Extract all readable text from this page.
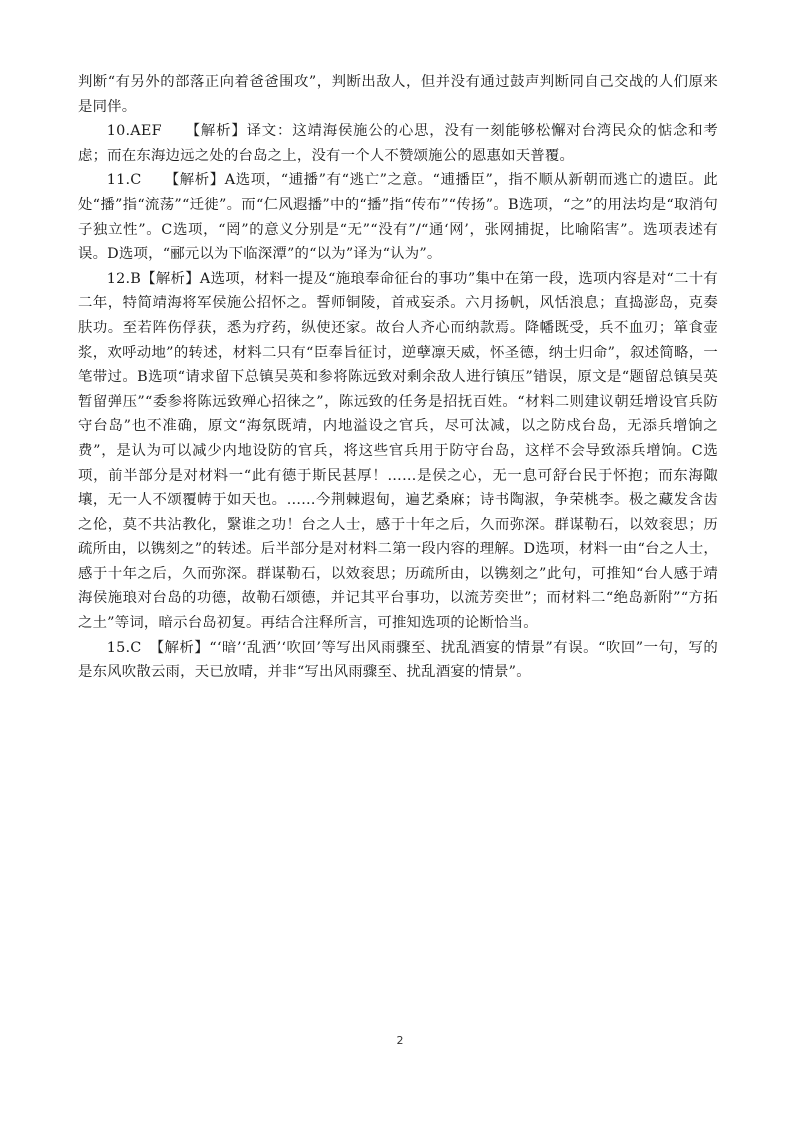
判断“有另外的部落正向着爸爸围攻”，判断出敌人，但并没有通过鼓声判断同自己交战的人们原来是同伴。

10.AEF　　【解析】译文：这靖海侯施公的心思，没有一刻能够松懈对台湾民众的惦念和考虑；而在东海边远之处的台岛之上，没有一个人不赞颂施公的恩惠如天普覆。

11.C　　【解析】A选项，“逋播”有“逃亡”之意。“逋播臣”，指不顺从新朝而逃亡的遗臣。此处“播”指“流荡”“迁徙”。而“仁风遐播”中的“播”指“传布”“传扬”。B选项，“之”的用法均是“取消句子独立性”。C选项，“罔”的意义分别是“无”“没有”/“通‘网’，张网捕捉，比喻陷害”。选项表述有误。D选项，“郦元以为下临深潭”的“以为”译为“认为”。

12.B【解析】A选项，材料一提及“施琅奉命征台的事功”集中在第一段，选项内容是对“二十有二年，特简靖海将军侯施公招怀之。誓师铜陵，首戒妄杀。六月扬帆，风恬浪息；直捣澎岛，克奏肤功。至若阵伤俘获，悉为疗药，纵使还家。故台人齐心而纳款焉。降幡既受，兵不血刃；箪食壶浆，欢呼动地”的转述，材料二只有“臣奉旨征讨，逆孽凛天威，怀圣德，纳士归命”，叙述简略，一笔带过。B选项“请求留下总镇吴英和参将陈远致对剩余敌人进行镇压”错误，原文是“题留总镇吴英暂留弹压”“委参将陈远致殚心招徕之”，陈远致的任务是招抚百姓。“材料二则建议朝廷增设官兵防守台岛”也不准确，原文“海氛既靖，内地溢设之官兵，尽可汰减，以之防戍台岛，无添兵增饷之费”，是认为可以减少内地设防的官兵，将这些官兵用于防守台岛，这样不会导致添兵增饷。C选项，前半部分是对材料一“此有德于斯民甚厚！……是侯之心，无一息可舒台民于怀抱；而东海陬壤，无一人不颂覆帱于如天也。……今荆棘遐甸，遍艺桑麻；诗书陶淑，争荣桃李。极之藏发含齿之伦，莫不共沾教化，繄谁之功！台之人士，感于十年之后，久而弥深。群谋勒石，以效衮思；历疏所由，以镌刻之”的转述。后半部分是对材料二第一段内容的理解。D选项，材料一由“台之人士，感于十年之后，久而弥深。群谋勒石，以效衮思；历疏所由，以镌刻之”此句，可推知“台人感于靖海侯施琅对台岛的功德，故勒石颂德，并记其平台事功，以流芳奕世”；而材料二“绝岛新附”“方拓之土”等词，暗示台岛初复。再结合注释所言，可推知选项的论断恰当。

15.C　【解析】“‘暗’‘乱洒’‘吹回’等写出风雨骤至、扰乱酒宴的情景”有误。“吹回”一句，写的是东风吹散云雨，天已放晴，并非“写出风雨骤至、扰乱酒宴的情景”。

2
